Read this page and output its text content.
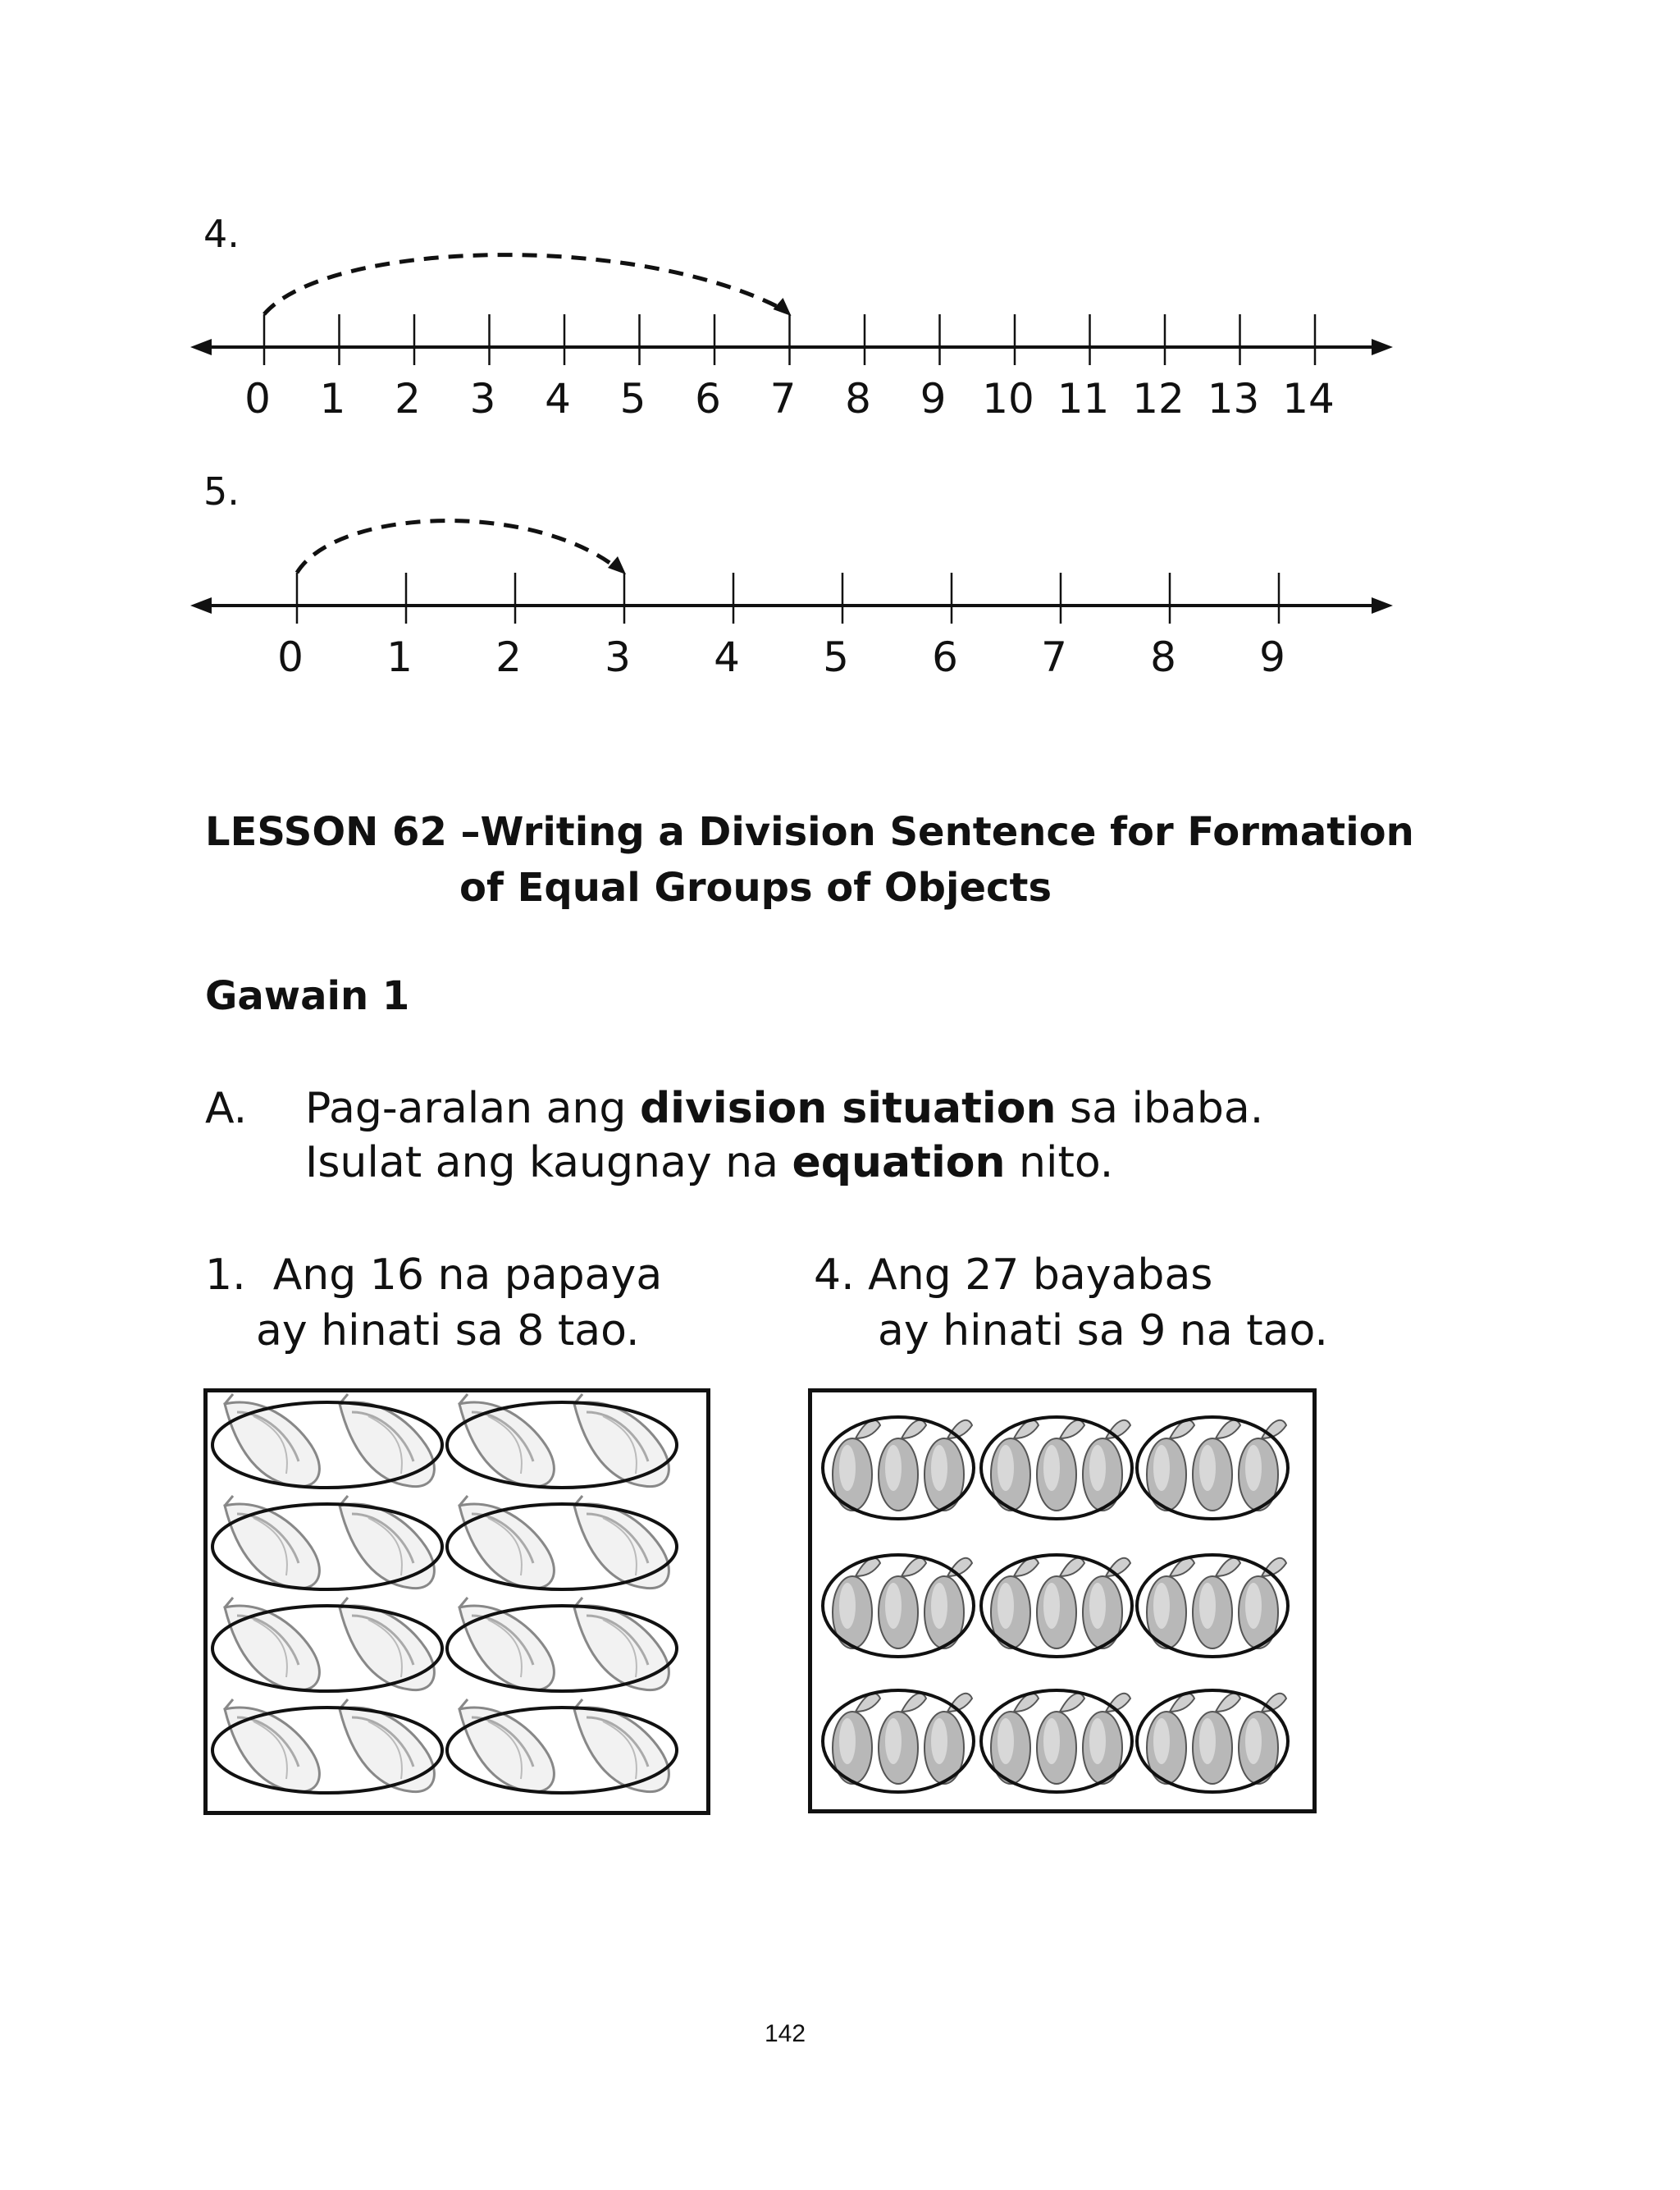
4.
0 1 2 3 4 5 6 7 8 9 10 11 12 13 14
5.
0 1 2 3 4 5 6 7 8 9
LESSON 62 –Writing a Division Sentence for Formation
of Equal Groups of Objects
Gawain 1
A. Pag-aralan ang division situation sa ibaba.
Isulat ang kaugnay na equation nito.
1. Ang 16 na papaya
ay hinati sa 8 tao.
4. Ang 27 bayabas
ay hinati sa 9 na tao.
142
